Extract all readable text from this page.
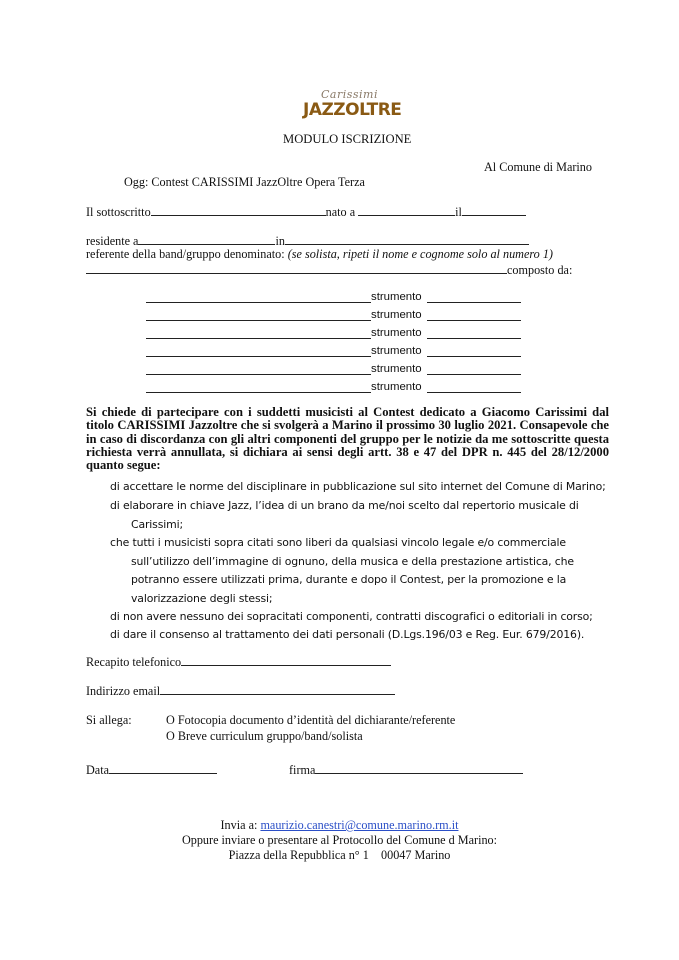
Carissimi
JAZZOLTRE
MODULO ISCRIZIONE
Al Comune di Marino
Ogg: Contest CARISSIMI JazzOltre Opera Terza
Il sottoscritto	nato a	il
residente a	in
referente della band/gruppo denominato: (se solista, ripeti il nome e cognome solo al numero 1)
composto da:
strumento
strumento
strumento
strumento
strumento
strumento
Si chiede di partecipare con i suddetti musicisti al Contest dedicato a Giacomo Carissimi dal titolo CARISSIMI Jazzoltre che si svolgerà a Marino il prossimo 30 luglio 2021. Consapevole che in caso di discordanza con gli altri componenti del gruppo per le notizie da me sottoscritte questa richiesta verrà annullata, si dichiara ai sensi degli artt. 38 e 47 del DPR n. 445 del 28/12/2000 quanto segue:
di accettare le norme del disciplinare in pubblicazione sul sito internet del Comune di Marino;
di elaborare in chiave Jazz, l’idea di un brano da me/noi scelto dal repertorio musicale di
Carissimi;
che tutti i musicisti sopra citati sono liberi da qualsiasi vincolo legale e/o commerciale
sull’utilizzo dell’immagine di ognuno, della musica e della prestazione artistica, che
potranno essere utilizzati prima, durante e dopo il Contest, per la promozione e la
valorizzazione degli stessi;
di non avere nessuno dei sopracitati componenti, contratti discografici o editoriali in corso;
di dare il consenso al trattamento dei dati personali (D.Lgs.196/03 e Reg. Eur. 679/2016).
Recapito telefonico
Indirizzo email
Si allega:	O Fotocopia documento d’identità del dichiarante/referente
O Breve curriculum gruppo/band/solista
Data	firma
Invia a: maurizio.canestri@comune.marino.rm.it
Oppure inviare o presentare al Protocollo del Comune d Marino:
Piazza della Repubblica n° 1    00047 Marino
